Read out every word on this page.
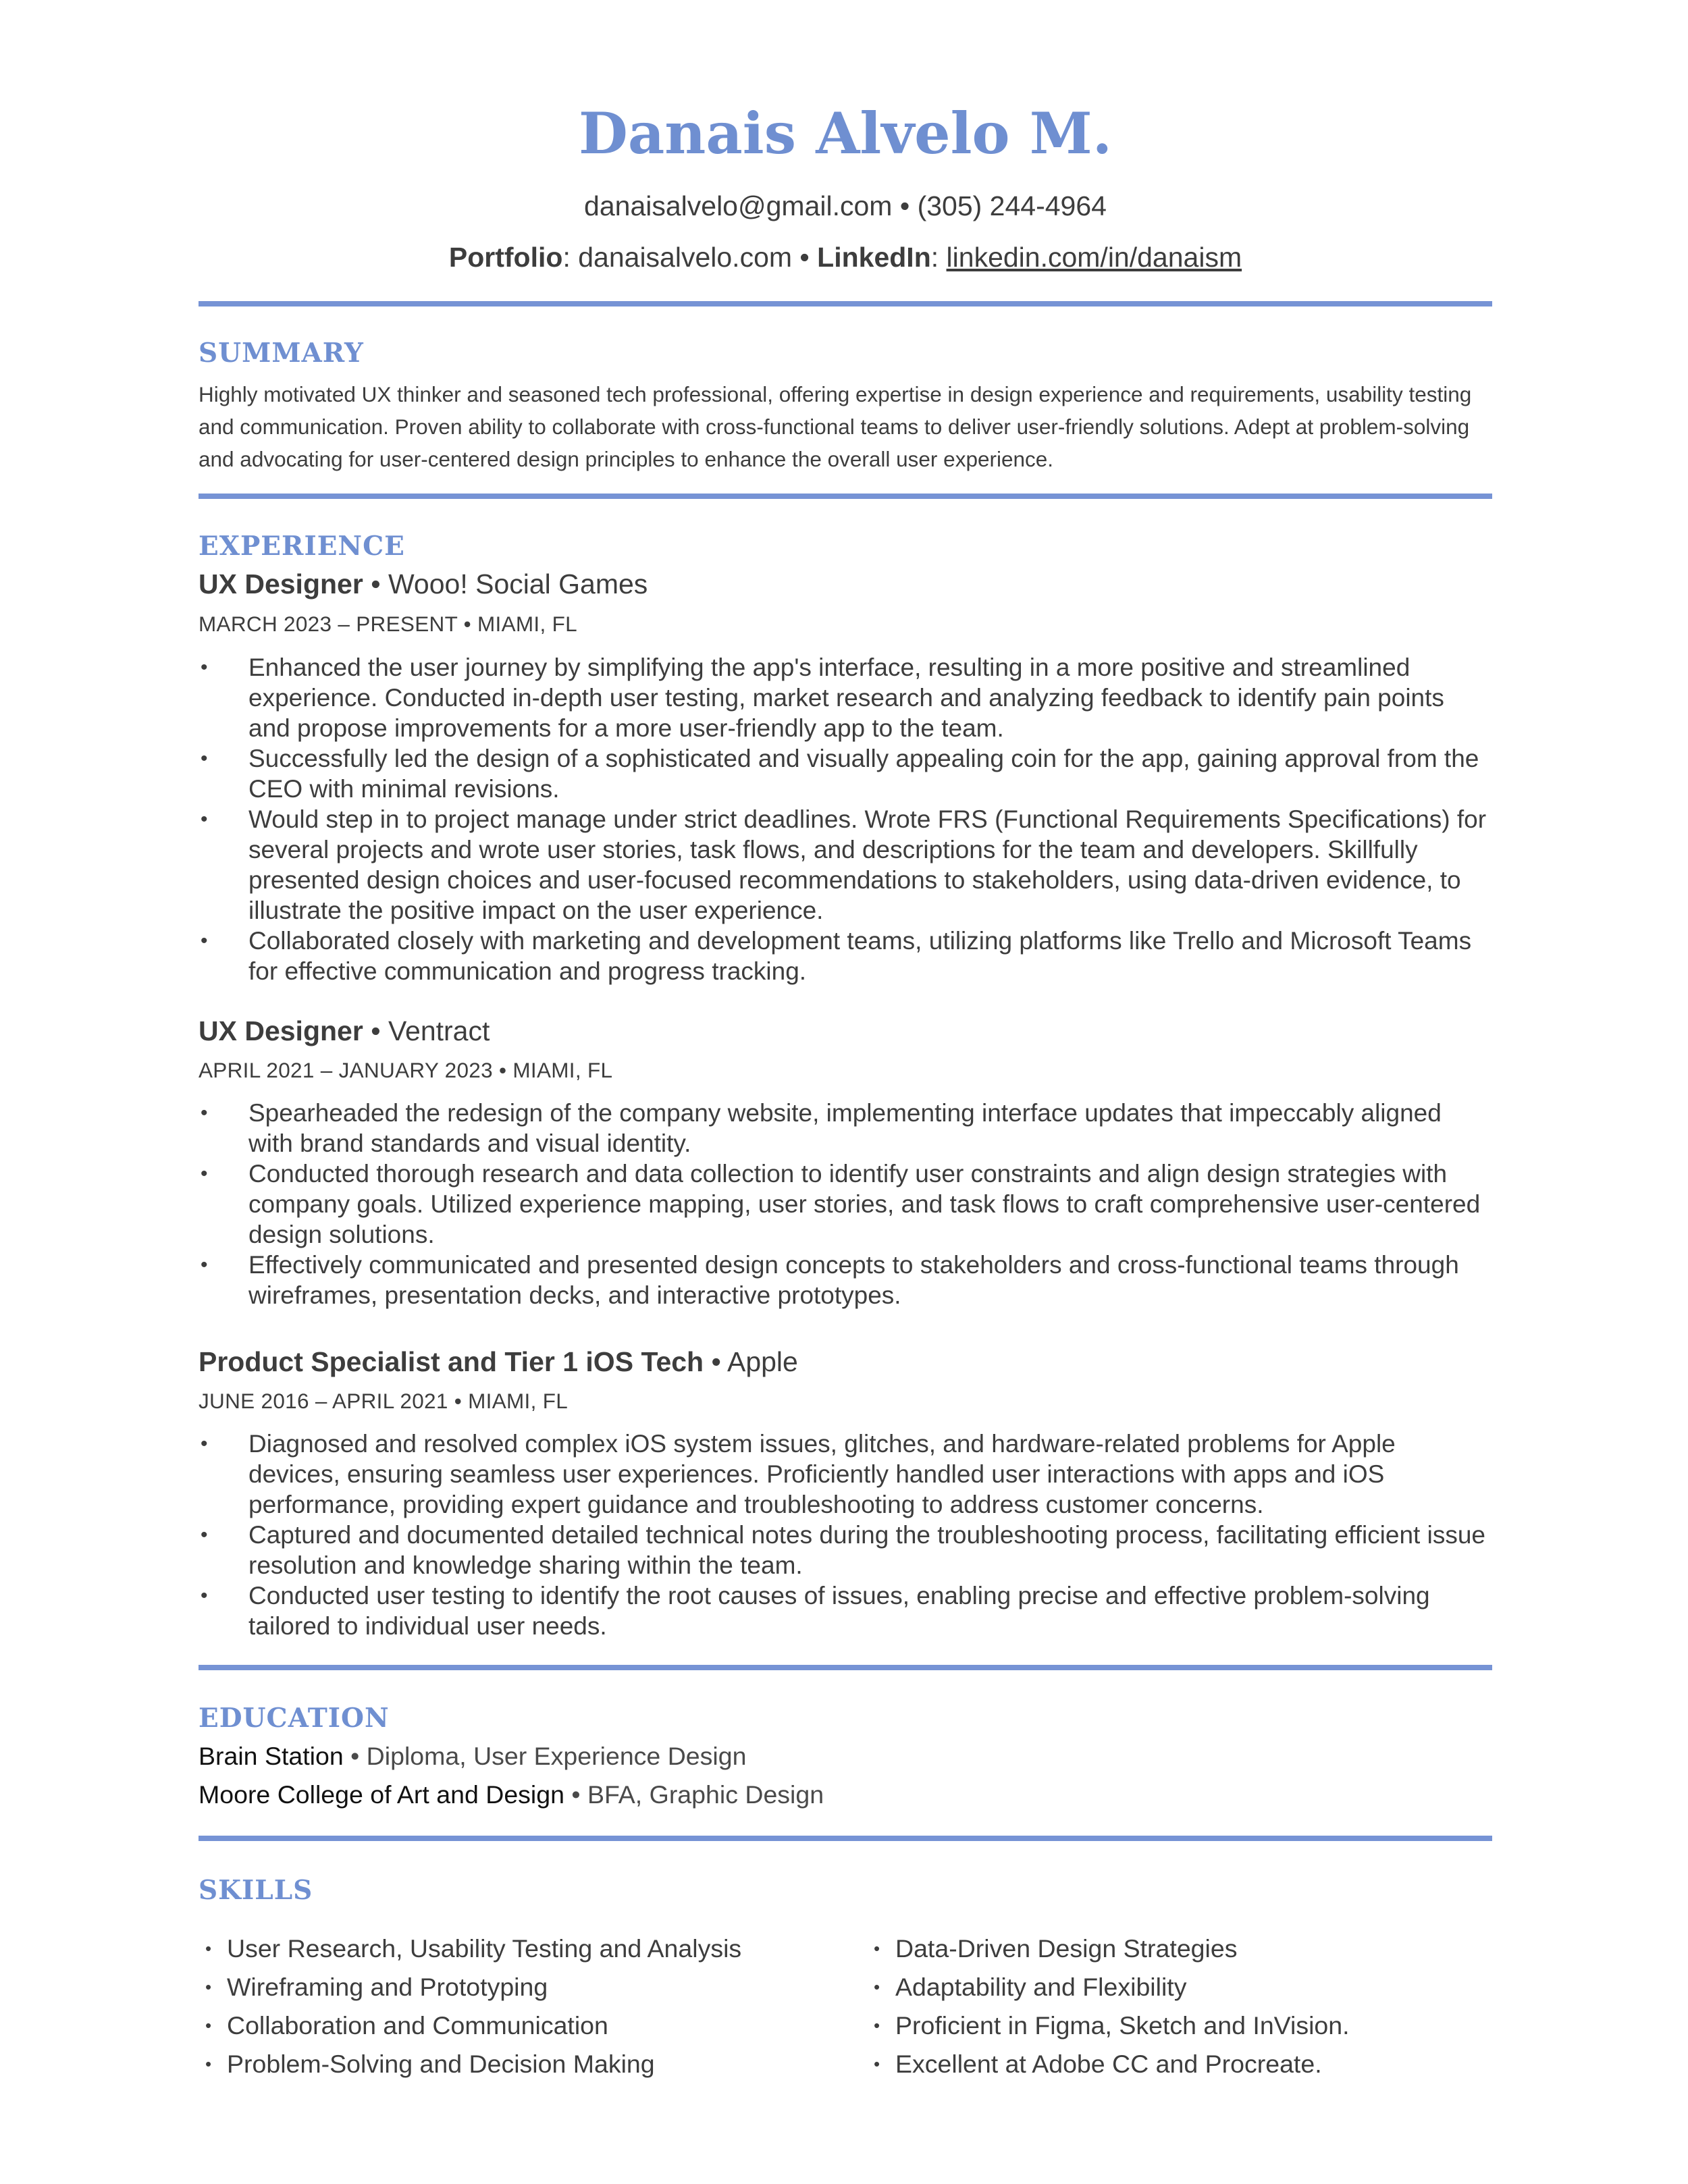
Danais Alvelo M.
danaisalvelo@gmail.com • (305) 244-4964
Portfolio: danaisalvelo.com • LinkedIn: linkedin.com/in/danaism
SUMMARY
Highly motivated UX thinker and seasoned tech professional, offering expertise in design experience and requirements, usability testing and communication. Proven ability to collaborate with cross-functional teams to deliver user-friendly solutions. Adept at problem-solving and advocating for user-centered design principles to enhance the overall user experience.
EXPERIENCE
UX Designer • Wooo! Social Games
MARCH 2023 – PRESENT • MIAMI, FL
• Enhanced the user journey by simplifying the app's interface, resulting in a more positive and streamlined experience. Conducted in-depth user testing, market research and analyzing feedback to identify pain points and propose improvements for a more user-friendly app to the team.
• Successfully led the design of a sophisticated and visually appealing coin for the app, gaining approval from the CEO with minimal revisions.
• Would step in to project manage under strict deadlines. Wrote FRS (Functional Requirements Specifications) for several projects and wrote user stories, task flows, and descriptions for the team and developers. Skillfully presented design choices and user-focused recommendations to stakeholders, using data-driven evidence, to illustrate the positive impact on the user experience.
• Collaborated closely with marketing and development teams, utilizing platforms like Trello and Microsoft Teams for effective communication and progress tracking.
UX Designer • Ventract
APRIL 2021 – JANUARY 2023 • MIAMI, FL
• Spearheaded the redesign of the company website, implementing interface updates that impeccably aligned with brand standards and visual identity.
• Conducted thorough research and data collection to identify user constraints and align design strategies with company goals. Utilized experience mapping, user stories, and task flows to craft comprehensive user-centered design solutions.
• Effectively communicated and presented design concepts to stakeholders and cross-functional teams through wireframes, presentation decks, and interactive prototypes.
Product Specialist and Tier 1 iOS Tech • Apple
JUNE 2016 – APRIL 2021 • MIAMI, FL
• Diagnosed and resolved complex iOS system issues, glitches, and hardware-related problems for Apple devices, ensuring seamless user experiences. Proficiently handled user interactions with apps and iOS performance, providing expert guidance and troubleshooting to address customer concerns.
• Captured and documented detailed technical notes during the troubleshooting process, facilitating efficient issue resolution and knowledge sharing within the team.
• Conducted user testing to identify the root causes of issues, enabling precise and effective problem-solving tailored to individual user needs.
EDUCATION
Brain Station • Diploma, User Experience Design
Moore College of Art and Design • BFA, Graphic Design
SKILLS
• User Research, Usability Testing and Analysis
• Wireframing and Prototyping
• Collaboration and Communication
• Problem-Solving and Decision Making
• Data-Driven Design Strategies
• Adaptability and Flexibility
• Proficient in Figma, Sketch and InVision.
• Excellent at Adobe CC and Procreate.
